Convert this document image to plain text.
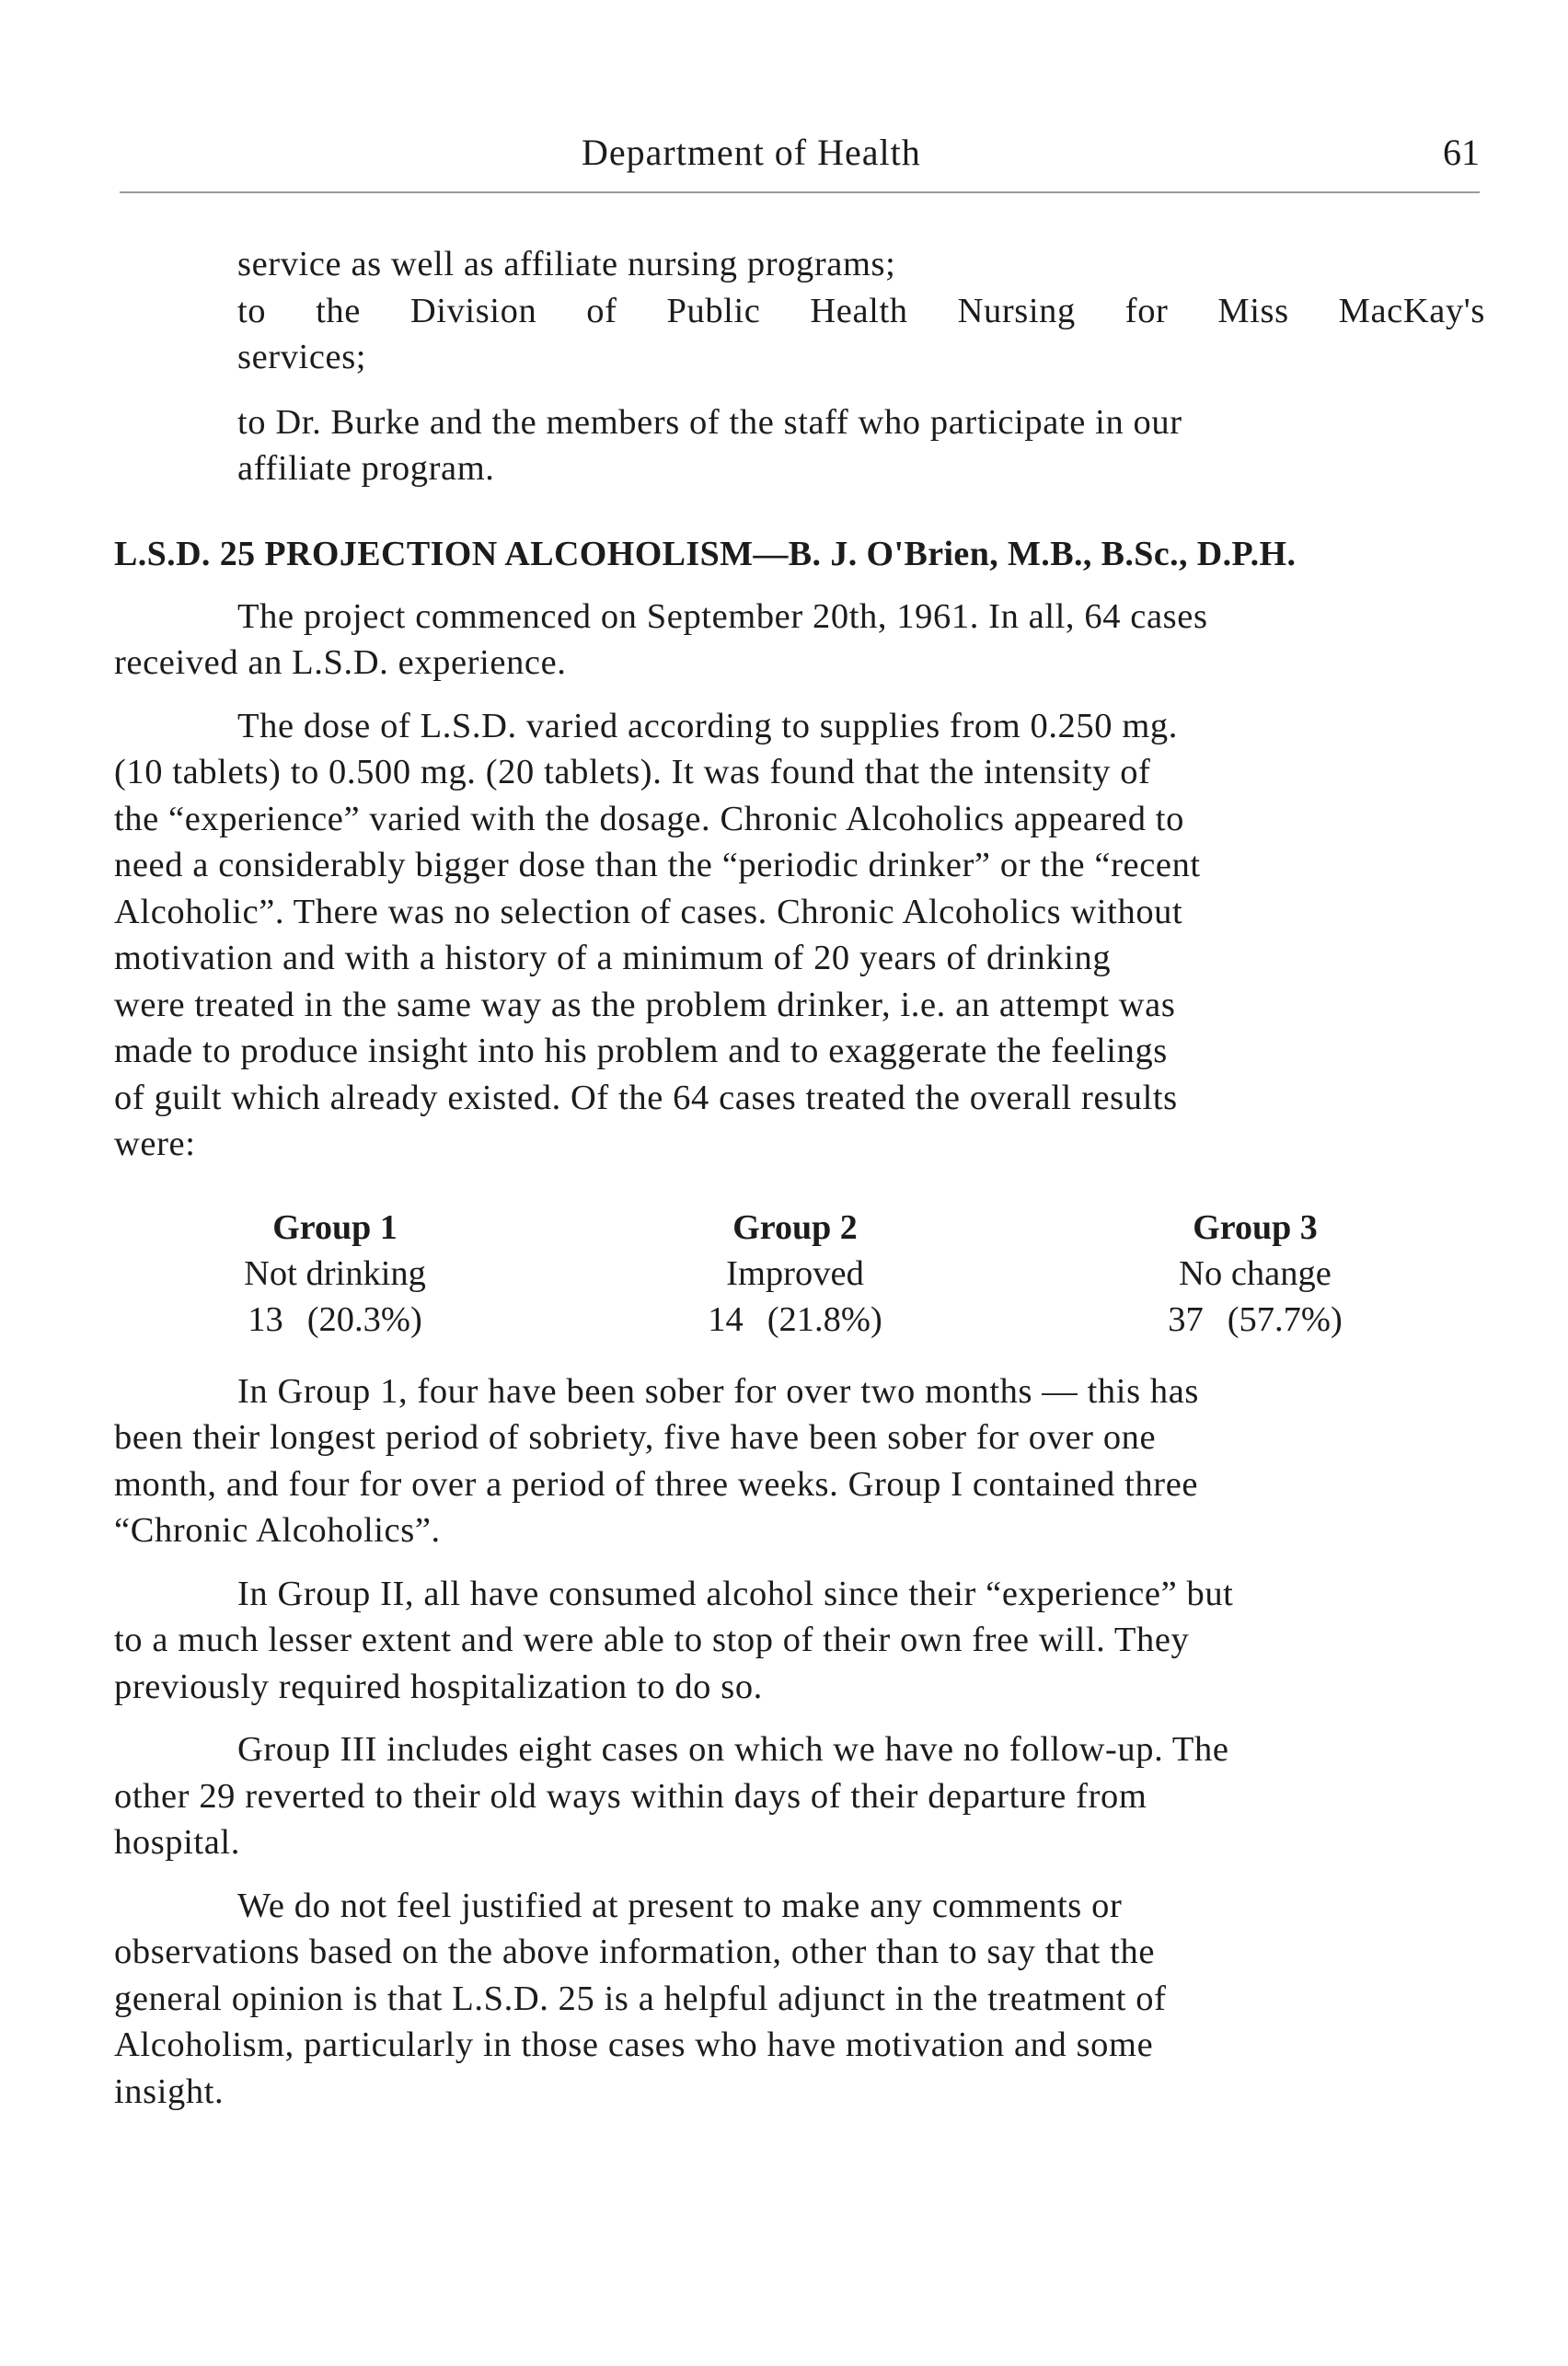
Department of Health	61
service as well as affiliate nursing programs;
to the Division of Public Health Nursing for Miss MacKay's
services;
to Dr. Burke and the members of the staff who participate in our
affiliate program.
L.S.D. 25 PROJECTION ALCOHOLISM—B. J. O'Brien, M.B., B.Sc., D.P.H.
The project commenced on September 20th, 1961. In all, 64 cases
received an L.S.D. experience.
The dose of L.S.D. varied according to supplies from 0.250 mg.
(10 tablets) to 0.500 mg. (20 tablets). It was found that the intensity of
the “experience” varied with the dosage. Chronic Alcoholics appeared to
need a considerably bigger dose than the “periodic drinker” or the “recent
Alcoholic”. There was no selection of cases. Chronic Alcoholics without
motivation and with a history of a minimum of 20 years of drinking
were treated in the same way as the problem drinker, i.e. an attempt was
made to produce insight into his problem and to exaggerate the feelings
of guilt which already existed. Of the 64 cases treated the overall results
were:
Group 1
Not drinking
13 (20.3%)
Group 2
Improved
14 (21.8%)
Group 3
No change
37 (57.7%)
In Group 1, four have been sober for over two months — this has
been their longest period of sobriety, five have been sober for over one
month, and four for over a period of three weeks. Group I contained three
“Chronic Alcoholics”.
In Group II, all have consumed alcohol since their “experience” but
to a much lesser extent and were able to stop of their own free will. They
previously required hospitalization to do so.
Group III includes eight cases on which we have no follow-up. The
other 29 reverted to their old ways within days of their departure from
hospital.
We do not feel justified at present to make any comments or
observations based on the above information, other than to say that the
general opinion is that L.S.D. 25 is a helpful adjunct in the treatment of
Alcoholism, particularly in those cases who have motivation and some
insight.
